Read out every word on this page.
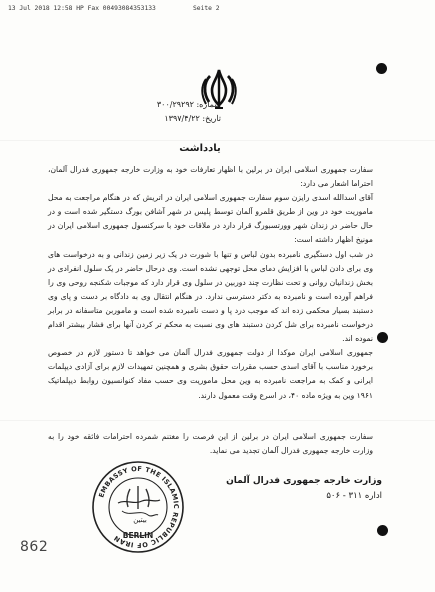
13 Jul 2018 12:58 HP Fax 00493084353133	Seite 2
شماره: ۳۰۰/۲۹۲۹۲
تاریخ: ۱۳۹۷/۴/۲۲
یادداشت

سفارت جمهوری اسلامی ایران در برلین با اظهار تعارفات خود به وزارت خارجه جمهوری فدرال آلمان، احتراما اشعار می دارد:

آقای اسدالله اسدی رایزن سوم سفارت جمهوری اسلامی ایران در اتریش که در هنگام مراجعت به محل ماموریت خود در وین از طریق قلمرو آلمان توسط پلیس در شهر آشافن بورگ دستگیر شده است و در حال حاضر در زندان شهر وورتسبورگ قرار دارد در ملاقات خود با سرکنسول جمهوری اسلامی ایران در مونیخ اظهار داشته است:

در شب اول دستگیری نامبرده بدون لباس و تنها با شورت در یک زیر زمین زندانی و به درخواست های وی برای دادن لباس با افزایش دمای محل توجهی نشده است. وی درحال حاضر در یک سلول انفرادی در بخش زندانیان روانی و تحت نظارت چند دوربین در سلول وی قرار دارد که موجبات شکنجه روحی وی را فراهم آورده است و نامبرده به دکتر دسترسی ندارد. در هنگام انتقال وی به دادگاه بر دست و پای وی دستبند بسیار محکمی زده اند که موجب درد پا و دست نامبرده شده است و ماموربن متاسفانه در برابر درخواست نامبرده برای شل کردن دستبند های وی نسبت به محکم تر کردن آنها برای فشار بیشتر اقدام نموده اند.

جمهوری اسلامی ایران موکدا از دولت جمهوری فدرال آلمان می خواهد تا دستور لازم در خصوص برخورد مناسب با آقای اسدی حسب مقررات حقوق بشری و همچنین تمهیدات لازم برای آزادی دیپلمات ایرانی و کمک به مراجعت نامبرده به وین محل ماموریت وی حسب مفاد کنوانسیون روابط دیپلماتیک ۱۹۶۱ وین به ویژه ماده ۴۰، در اسرع وقت معمول دارند.

سفارت جمهوری اسلامی ایران در برلین از این فرصت را مغتنم شمرده احترامات فائقه خود را به وزارت خارجه جمهوری فدرال آلمان تجدید می نماید.
وزارت خارجه جمهوری فدرال آلمان
اداره ۳۱۱ - ۵۰۶
EMBASSY OF THE ISLAMIC REPUBLIC OF IRAN
بیتین
BERLIN
862
